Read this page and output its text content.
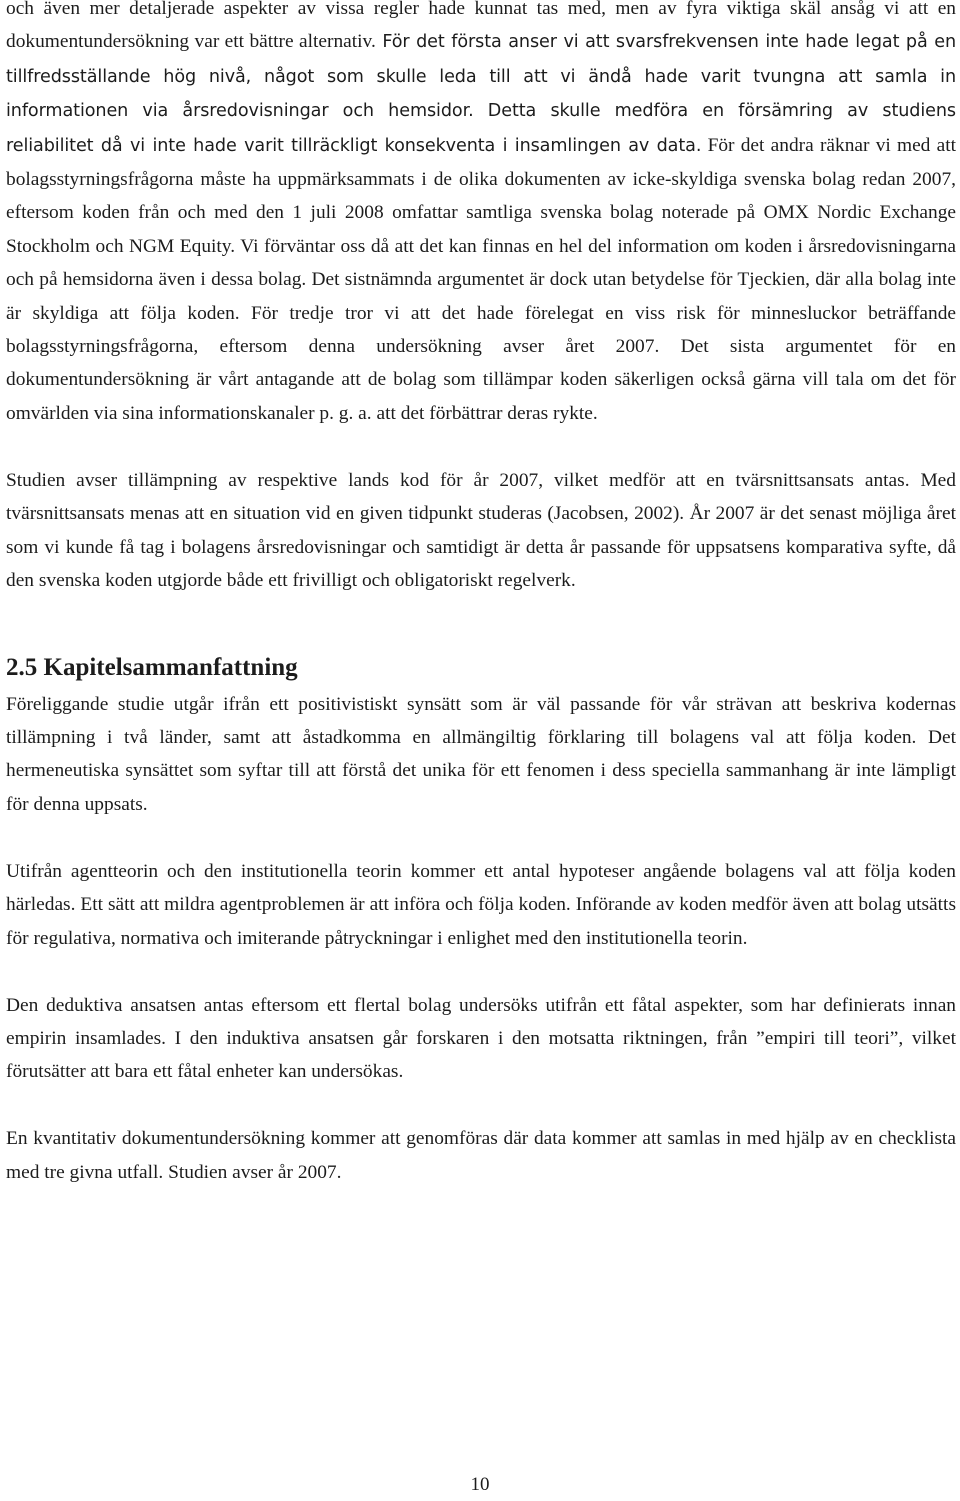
och även mer detaljerade aspekter av vissa regler hade kunnat tas med, men av fyra viktiga skäl ansåg vi att en dokumentundersökning var ett bättre alternativ. För det första anser vi att svarsfrekvensen inte hade legat på en tillfredsställande hög nivå, något som skulle leda till att vi ändå hade varit tvungna att samla in informationen via årsredovisningar och hemsidor. Detta skulle medföra en försämring av studiens reliabilitet då vi inte hade varit tillräckligt konsekventa i insamlingen av data. För det andra räknar vi med att bolagsstyrningsfrågorna måste ha uppmärksammats i de olika dokumenten av icke-skyldiga svenska bolag redan 2007, eftersom koden från och med den 1 juli 2008 omfattar samtliga svenska bolag noterade på OMX Nordic Exchange Stockholm och NGM Equity. Vi förväntar oss då att det kan finnas en hel del information om koden i årsredovisningarna och på hemsidorna även i dessa bolag. Det sistnämnda argumentet är dock utan betydelse för Tjeckien, där alla bolag inte är skyldiga att följa koden. För tredje tror vi att det hade förelegat en viss risk för minnesluckor beträffande bolagsstyrningsfrågorna, eftersom denna undersökning avser året 2007. Det sista argumentet för en dokumentundersökning är vårt antagande att de bolag som tillämpar koden säkerligen också gärna vill tala om det för omvärlden via sina informationskanaler p. g. a. att det förbättrar deras rykte.

Studien avser tillämpning av respektive lands kod för år 2007, vilket medför att en tvärsnittsansats antas. Med tvärsnittsansats menas att en situation vid en given tidpunkt studeras (Jacobsen, 2002). År 2007 är det senast möjliga året som vi kunde få tag i bolagens årsredovisningar och samtidigt är detta år passande för uppsatsens komparativa syfte, då den svenska koden utgjorde både ett frivilligt och obligatoriskt regelverk.

2.5 Kapitelsammanfattning

Föreliggande studie utgår ifrån ett positivistiskt synsätt som är väl passande för vår strävan att beskriva kodernas tillämpning i två länder, samt att åstadkomma en allmängiltig förklaring till bolagens val att följa koden. Det hermeneutiska synsättet som syftar till att förstå det unika för ett fenomen i dess speciella sammanhang är inte lämpligt för denna uppsats.

Utifrån agentteorin och den institutionella teorin kommer ett antal hypoteser angående bolagens val att följa koden härledas. Ett sätt att mildra agentproblemen är att införa och följa koden. Införande av koden medför även att bolag utsätts för regulativa, normativa och imiterande påtryckningar i enlighet med den institutionella teorin.

Den deduktiva ansatsen antas eftersom ett flertal bolag undersöks utifrån ett fåtal aspekter, som har definierats innan empirin insamlades. I den induktiva ansatsen går forskaren i den motsatta riktningen, från ”empiri till teori”, vilket förutsätter att bara ett fåtal enheter kan undersökas.

En kvantitativ dokumentundersökning kommer att genomföras där data kommer att samlas in med hjälp av en checklista med tre givna utfall. Studien avser år 2007.

10
